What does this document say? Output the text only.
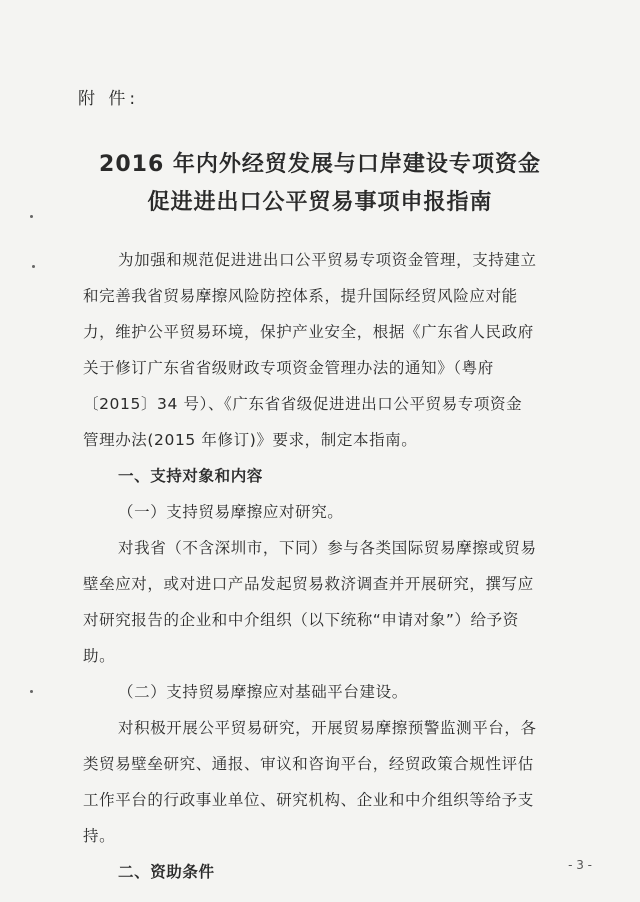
附 件:
2016 年内外经贸发展与口岸建设专项资金
促进进出口公平贸易事项申报指南
为加强和规范促进进出口公平贸易专项资金管理，支持建立
和完善我省贸易摩擦风险防控体系，提升国际经贸风险应对能
力，维护公平贸易环境，保护产业安全，根据《广东省人民政府
关于修订广东省省级财政专项资金管理办法的通知》（粤府
〔2015〕34 号）、《广东省省级促进进出口公平贸易专项资金
管理办法(2015 年修订)》要求，制定本指南。
一、支持对象和内容
（一）支持贸易摩擦应对研究。
对我省（不含深圳市，下同）参与各类国际贸易摩擦或贸易
壁垒应对，或对进口产品发起贸易救济调查并开展研究，撰写应
对研究报告的企业和中介组织（以下统称“申请对象”）给予资
助。
（二）支持贸易摩擦应对基础平台建设。
对积极开展公平贸易研究，开展贸易摩擦预警监测平台，各
类贸易壁垒研究、通报、审议和咨询平台，经贸政策合规性评估
工作平台的行政事业单位、研究机构、企业和中介组织等给予支
持。
二、资助条件	- 3 -
